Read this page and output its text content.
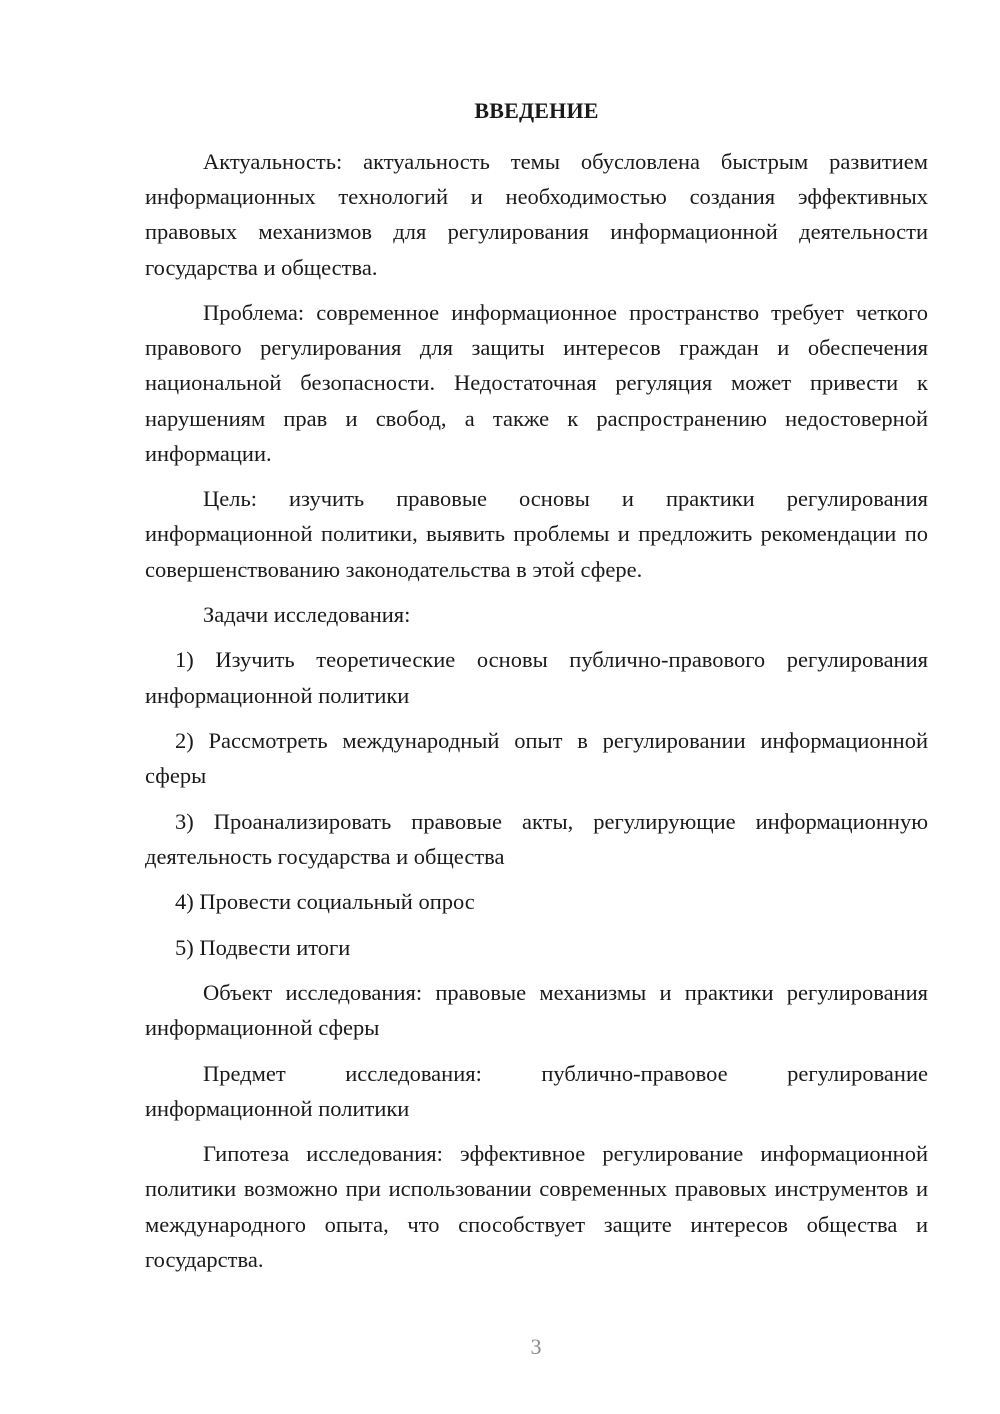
ВВЕДЕНИЕ

Актуальность: актуальность темы обусловлена быстрым развитием информационных технологий и необходимостью создания эффективных правовых механизмов для регулирования информационной деятельности государства и общества.

Проблема: современное информационное пространство требует четкого правового регулирования для защиты интересов граждан и обеспечения национальной безопасности. Недостаточная регуляция может привести к нарушениям прав и свобод, а также к распространению недостоверной информации.

Цель: изучить правовые основы и практики регулирования информационной политики, выявить проблемы и предложить рекомендации по совершенствованию законодательства в этой сфере.

Задачи исследования:

1) Изучить теоретические основы публично-правового регулирования информационной политики

2) Рассмотреть международный опыт в регулировании информационной сферы

3) Проанализировать правовые акты, регулирующие информационную деятельность государства и общества

4) Провести социальный опрос

5) Подвести итоги

Объект исследования: правовые механизмы и практики регулирования информационной сферы

Предмет исследования: публично-правовое регулирование информационной политики

Гипотеза исследования: эффективное регулирование информационной политики возможно при использовании современных правовых инструментов и международного опыта, что способствует защите интересов общества и государства.

3
